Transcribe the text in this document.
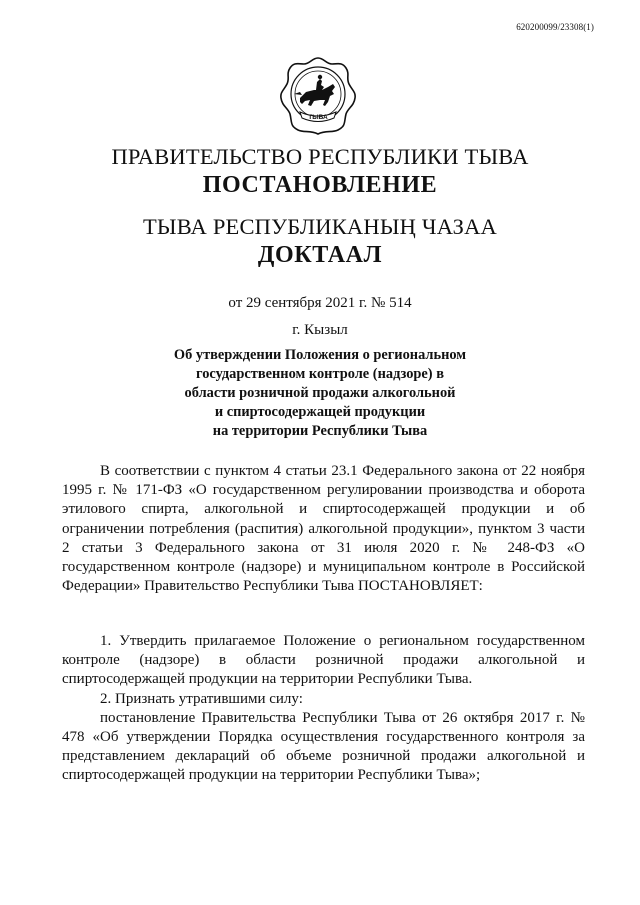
620200099/23308(1)
ТЫВА
ПРАВИТЕЛЬСТВО РЕСПУБЛИКИ ТЫВА
ПОСТАНОВЛЕНИЕ
ТЫВА РЕСПУБЛИКАНЫҢ ЧАЗАА
ДОКТААЛ
от 29 сентября 2021 г. № 514
г. Кызыл
Об утверждении Положения о региональном
государственном контроле (надзоре) в
области розничной продажи алкогольной
и спиртосодержащей продукции
на территории Республики Тыва

В соответствии с пунктом 4 статьи 23.1 Федерального закона от 22 ноября 1995 г. № 171-ФЗ «О государственном регулировании производства и оборота этилового спирта, алкогольной и спиртосодержащей продукции и об ограничении потребления (распития) алкогольной продукции», пунктом 3 части 2 статьи 3 Федерального закона от 31 июля 2020 г. № 248-ФЗ «О государственном контроле (надзоре) и муниципальном контроле в Российской Федерации» Правительство Республики Тыва ПОСТАНОВЛЯЕТ:

1. Утвердить прилагаемое Положение о региональном государственном контроле (надзоре) в области розничной продажи алкогольной и спиртосодержащей продукции на территории Республики Тыва.

2. Признать утратившими силу:

постановление Правительства Республики Тыва от 26 октября 2017 г. № 478 «Об утверждении Порядка осуществления государственного контроля за представлением деклараций об объеме розничной продажи алкогольной и спиртосодержащей продукции на территории Республики Тыва»;
